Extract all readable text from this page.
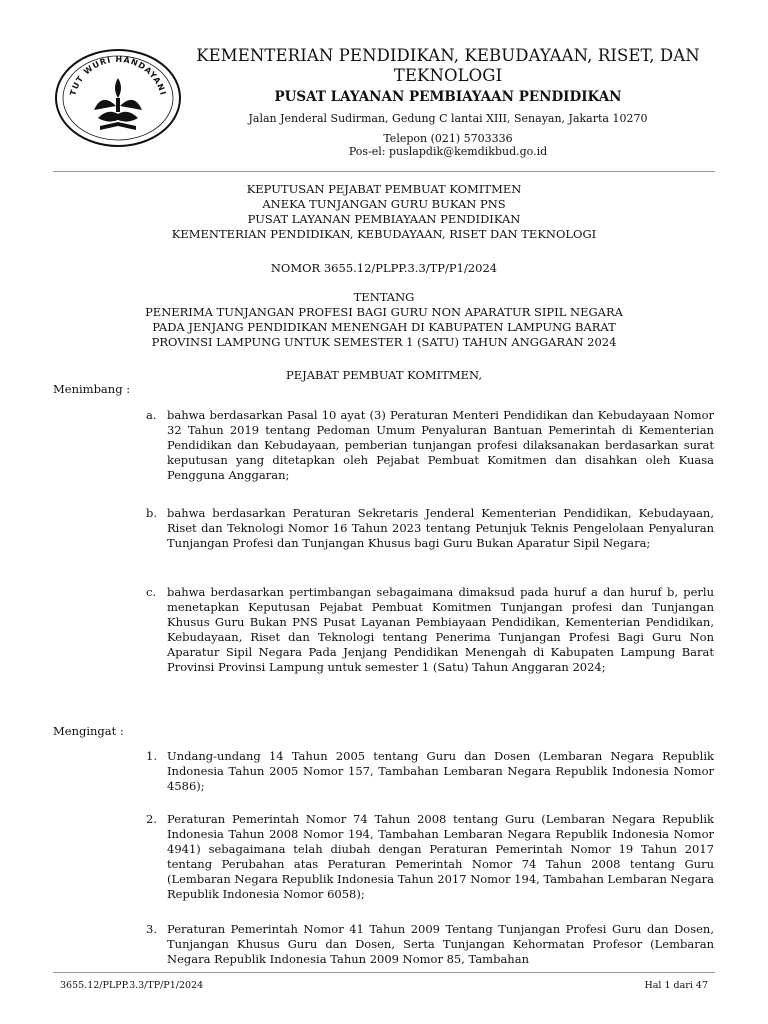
TUT WURI HANDAYANI
KEMENTERIAN PENDIDIKAN, KEBUDAYAAN, RISET, DAN
TEKNOLOGI
PUSAT LAYANAN PEMBIAYAAN PENDIDIKAN
Jalan Jenderal Sudirman, Gedung C lantai XIII, Senayan, Jakarta 10270
Telepon (021) 5703336
Pos-el: puslapdik@kemdikbud.go.id
KEPUTUSAN PEJABAT PEMBUAT KOMITMEN
ANEKA TUNJANGAN GURU BUKAN PNS
PUSAT LAYANAN PEMBIAYAAN PENDIDIKAN
KEMENTERIAN PENDIDIKAN, KEBUDAYAAN, RISET DAN TEKNOLOGI
NOMOR 3655.12/PLPP.3.3/TP/P1/2024
TENTANG
PENERIMA TUNJANGAN PROFESI BAGI GURU NON APARATUR SIPIL NEGARA
PADA JENJANG PENDIDIKAN MENENGAH DI KABUPATEN LAMPUNG BARAT
PROVINSI LAMPUNG UNTUK SEMESTER 1 (SATU) TAHUN ANGGARAN 2024
PEJABAT PEMBUAT KOMITMEN,
Menimbang :
a. bahwa berdasarkan Pasal 10 ayat (3) Peraturan Menteri Pendidikan dan Kebudayaan Nomor 32 Tahun 2019 tentang Pedoman Umum Penyaluran Bantuan Pemerintah di Kementerian Pendidikan dan Kebudayaan, pemberian tunjangan profesi dilaksanakan berdasarkan surat keputusan yang ditetapkan oleh Pejabat Pembuat Komitmen dan disahkan oleh Kuasa Pengguna Anggaran;
b. bahwa berdasarkan Peraturan Sekretaris Jenderal Kementerian Pendidikan, Kebudayaan, Riset dan Teknologi Nomor 16 Tahun 2023 tentang Petunjuk Teknis Pengelolaan Penyaluran Tunjangan Profesi dan Tunjangan Khusus bagi Guru Bukan Aparatur Sipil Negara;
c. bahwa berdasarkan pertimbangan sebagaimana dimaksud pada huruf a dan huruf b, perlu menetapkan Keputusan Pejabat Pembuat Komitmen Tunjangan profesi dan Tunjangan Khusus Guru Bukan PNS Pusat Layanan Pembiayaan Pendidikan, Kementerian Pendidikan, Kebudayaan, Riset dan Teknologi tentang Penerima Tunjangan Profesi Bagi Guru Non Aparatur Sipil Negara Pada Jenjang Pendidikan Menengah di Kabupaten Lampung Barat Provinsi Provinsi Lampung untuk semester 1 (Satu) Tahun Anggaran 2024;
Mengingat :
1. Undang-undang 14 Tahun 2005 tentang Guru dan Dosen (Lembaran Negara Republik Indonesia Tahun 2005 Nomor 157, Tambahan Lembaran Negara Republik Indonesia Nomor 4586);
2. Peraturan Pemerintah Nomor 74 Tahun 2008 tentang Guru (Lembaran Negara Republik Indonesia Tahun 2008 Nomor 194, Tambahan Lembaran Negara Republik Indonesia Nomor 4941) sebagaimana telah diubah dengan Peraturan Pemerintah Nomor 19 Tahun 2017 tentang Perubahan atas Peraturan Pemerintah Nomor 74 Tahun 2008 tentang Guru (Lembaran Negara Republik Indonesia Tahun 2017 Nomor 194, Tambahan Lembaran Negara Republik Indonesia Nomor 6058);
3. Peraturan Pemerintah Nomor 41 Tahun 2009 Tentang Tunjangan Profesi Guru dan Dosen, Tunjangan Khusus Guru dan Dosen, Serta Tunjangan Kehormatan Profesor (Lembaran Negara Republik Indonesia Tahun 2009 Nomor 85, Tambahan
3655.12/PLPP.3.3/TP/P1/2024	Hal 1 dari 47
